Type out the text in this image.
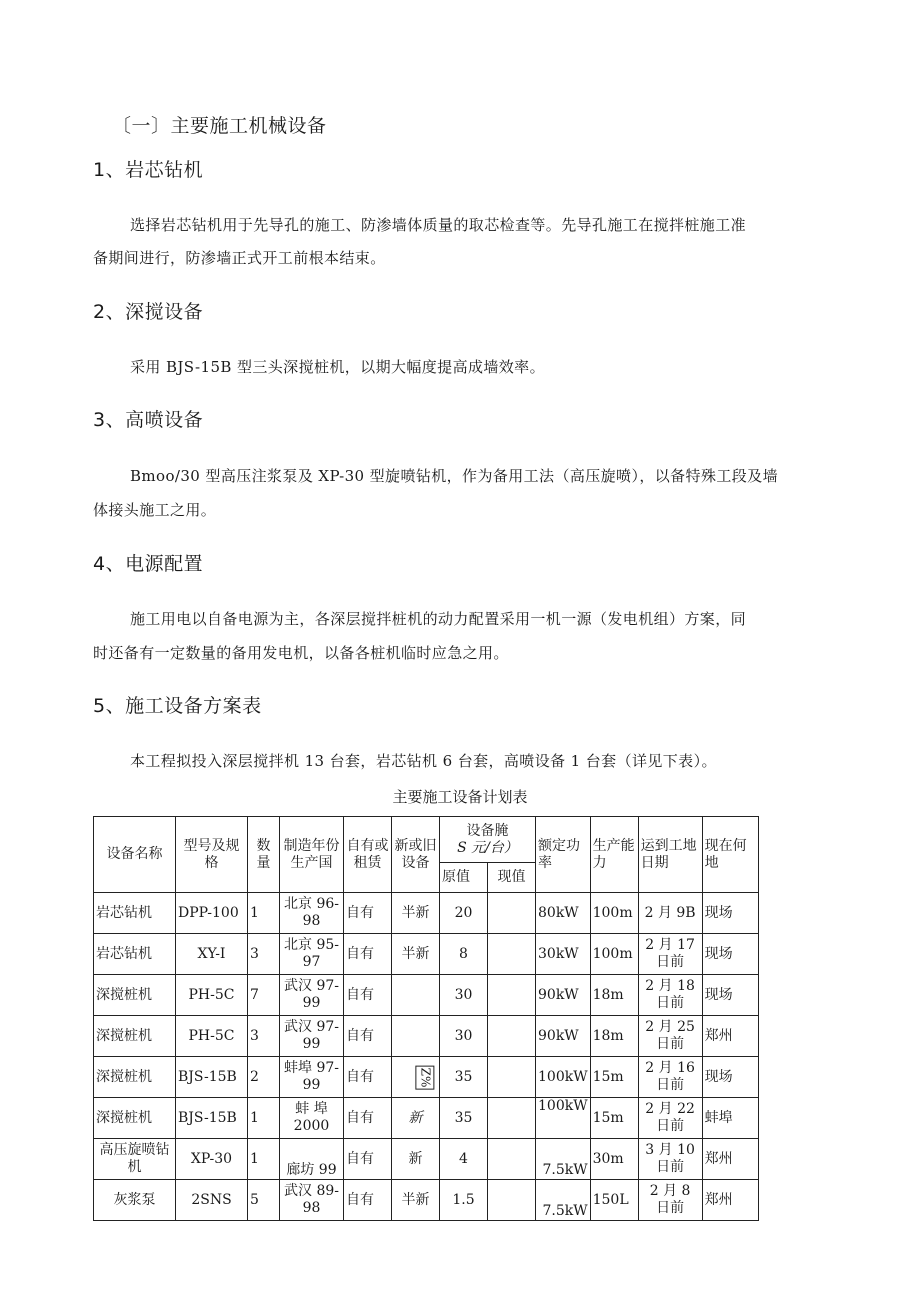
〔一〕主要施工机械设备
1、岩芯钻机
选择岩芯钻机用于先导孔的施工、防渗墙体质量的取芯检查等。先导孔施工在搅拌桩施工准
备期间进行，防渗墙正式开工前根本结束。
2、深搅设备
采用 BJS-15B 型三头深搅桩机，以期大幅度提高成墙效率。
3、高喷设备
Bmoo/30 型高压注浆泵及 XP-30 型旋喷钻机，作为备用工法（高压旋喷），以备特殊工段及墙
体接头施工之用。
4、电源配置
施工用电以自备电源为主，各深层搅拌桩机的动力配置采用一机一源（发电机组）方案，同
时还备有一定数量的备用发电机，以备各桩机临时应急之用。
5、施工设备方案表
本工程拟投入深层搅拌机 13 台套，岩芯钻机 6 台套，高喷设备 1 台套（详见下表）。
主要施工设备计划表
设备名称	型号及规格	数量	制造年份生产国	自有或租赁	新或旧设备	设备腌
S 元/台）		额定功率	生产能力	运到工地日期	现在何地
						原值	现值				
岩芯钻机	DPP-100	1	北京 96-98	自有	半新	20		80kW	100m	2 月 9B	现场
岩芯钻机	XY-I	3	北京 95-97	自有	半新	8		30kW	100m	2 月 17 日前	现场
深搅桩机	PH-5C	7	武汉 97-99	自有		30		90kW	18m	2 月 18 日前	现场
深搅桩机	PH-5C	3	武汉 97-99	自有		30		90kW	18m	2 月 25 日前	郑州
深搅桩机	BJS-15B	2	蚌埠 97-99	自有	Z%	35		100kW	15m	2 月 16 日前	现场
深搅桩机	BJS-15B	1	蚌 埠 2000	自有	新	35		100kW	15m	2 月 22 日前	蚌埠
高压旋喷钻机	XP-30	1	廊坊 99	自有	新	4		7.5kW	30m	3 月 10 日前	郑州
灰浆泵	2SNS	5	武汉 89-98	自有	半新	1.5		7.5kW	150L	2 月 8 日前	郑州
